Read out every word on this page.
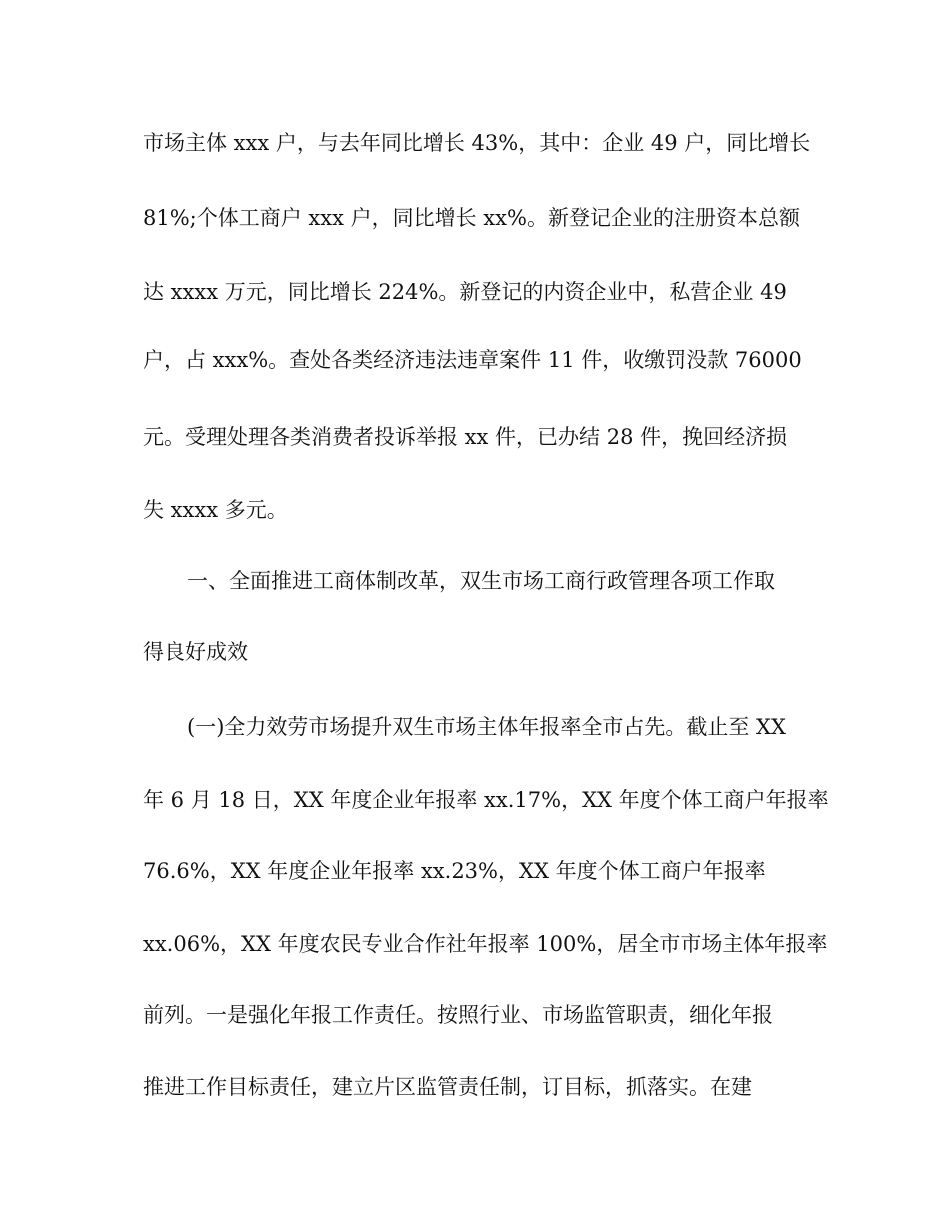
市场主体 xxx 户，与去年同比增长 43%，其中：企业 49 户，同比增长

81%;个体工商户 xxx 户，同比增长 xx%。新登记企业的注册资本总额

达 xxxx 万元，同比增长 224%。新登记的内资企业中，私营企业 49

户，占 xxx%。查处各类经济违法违章案件 11 件，收缴罚没款 76000

元。受理处理各类消费者投诉举报 xx 件，已办结 28 件，挽回经济损

失 xxxx 多元。

一、全面推进工商体制改革，双生市场工商行政管理各项工作取

得良好成效

(一)全力效劳市场提升双生市场主体年报率全市占先。截止至 XX

年 6 月 18 日，XX 年度企业年报率 xx.17%，XX 年度个体工商户年报率

76.6%，XX 年度企业年报率 xx.23%，XX 年度个体工商户年报率

xx.06%，XX 年度农民专业合作社年报率 100%，居全市市场主体年报率

前列。一是强化年报工作责任。按照行业、市场监管职责，细化年报

推进工作目标责任，建立片区监管责任制，订目标，抓落实。在建
